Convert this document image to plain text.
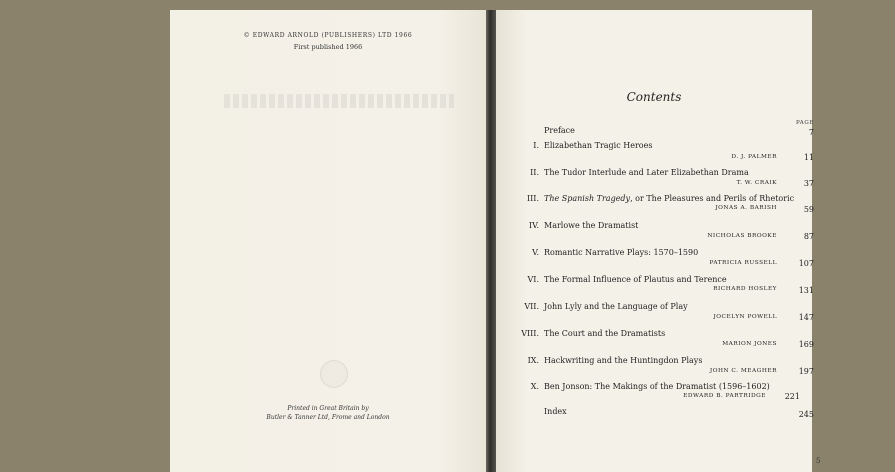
© EDWARD ARNOLD (PUBLISHERS) LTD 1966
First published 1966
Printed in Great Britain by
Butler & Tanner Ltd, Frome and London
Contents
PAGE
Preface	7
I. Elizabethan Tragic Heroes
D. J. PALMER	11
II. The Tudor Interlude and Later Elizabethan Drama
T. W. CRAIK	37
III. The Spanish Tragedy, or The Pleasures and Perils of Rhetoric
JONAS A. BARISH	59
IV. Marlowe the Dramatist
NICHOLAS BROOKE	87
V. Romantic Narrative Plays: 1570–1590
PATRICIA RUSSELL	107
VI. The Formal Influence of Plautus and Terence
RICHARD HOSLEY	131
VII. John Lyly and the Language of Play
JOCELYN POWELL	147
VIII. The Court and the Dramatists
MARION JONES	169
IX. Hackwriting and the Huntingdon Plays
JOHN C. MEAGHER	197
X. Ben Jonson: The Makings of the Dramatist (1596–1602)
EDWARD B. PARTRIDGE	221
Index	245
5
